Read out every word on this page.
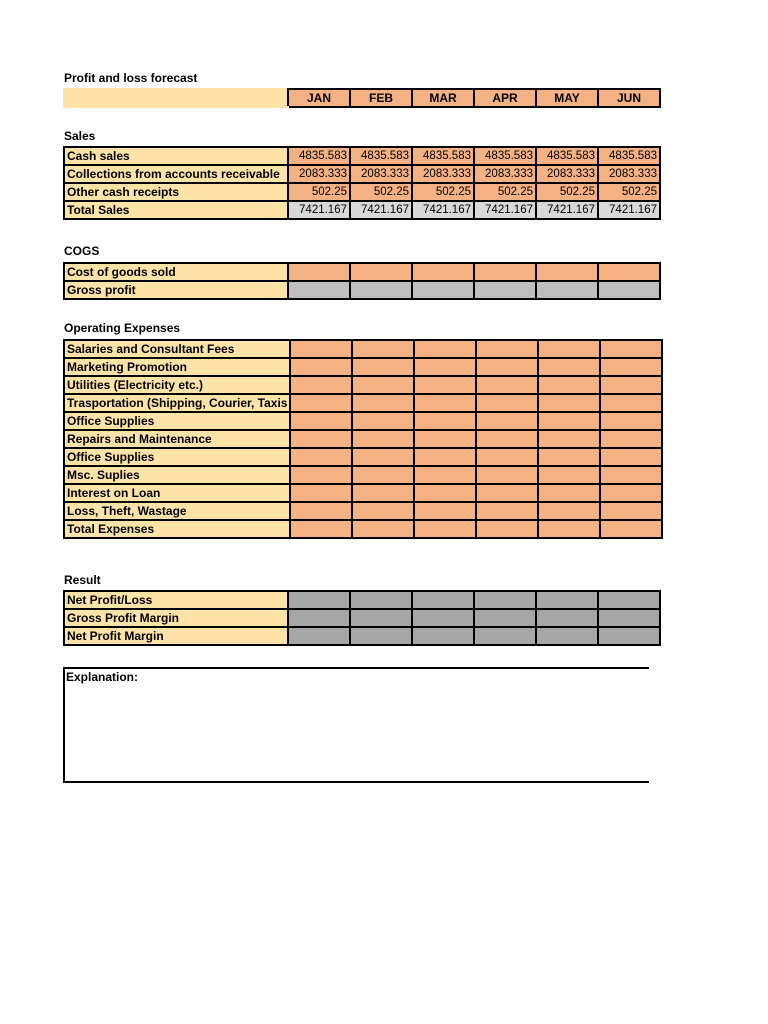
Profit and loss forecast
	JAN	FEB	MAR	APR	MAY	JUN
Sales
Cash sales	4835.583	4835.583	4835.583	4835.583	4835.583	4835.583
Collections from accounts receivable	2083.333	2083.333	2083.333	2083.333	2083.333	2083.333
Other cash receipts	502.25	502.25	502.25	502.25	502.25	502.25
Total Sales	7421.167	7421.167	7421.167	7421.167	7421.167	7421.167
COGS
Cost of goods sold						
Gross profit						
Operating Expenses
Salaries and Consultant Fees						
Marketing Promotion						
Utilities (Electricity etc.)						
Trasportation (Shipping, Courier, Taxis						
Office Supplies						
Repairs and Maintenance						
Office Supplies						
Msc. Suplies						
Interest on Loan						
Loss, Theft, Wastage						
Total Expenses						
Result
Net Profit/Loss						
Gross Profit Margin						
Net Profit Margin						
Explanation:
